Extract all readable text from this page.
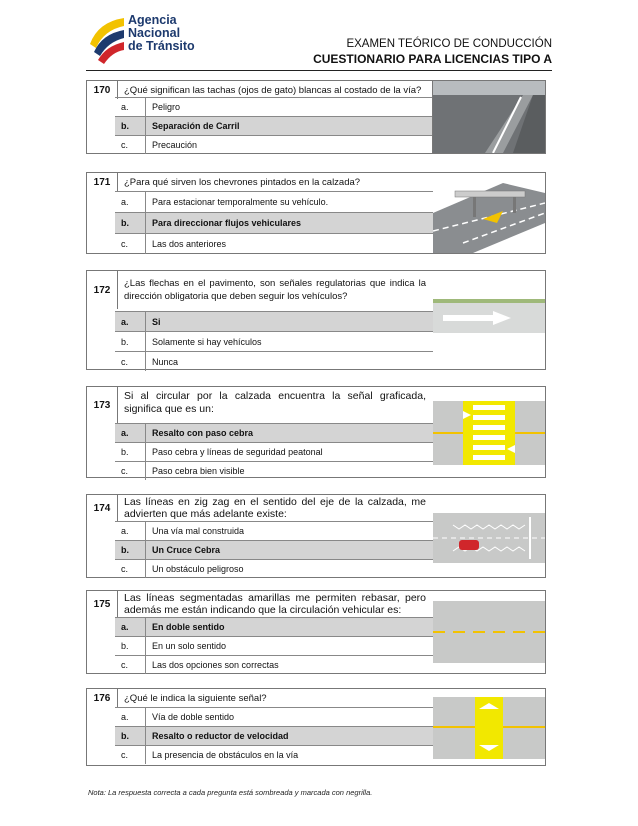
Agencia
Nacional
de Tránsito	EXAMEN TEÓRICO DE CONDUCCIÓN
CUESTIONARIO PARA LICENCIAS TIPO A
170	¿Qué significan las tachas (ojos de gato) blancas al costado de la vía?
a.	Peligro
b.	Separación de Carril
c.	Precaución
171	¿Para qué sirven los chevrones pintados en la calzada?
a.	Para estacionar temporalmente su vehículo.
b.	Para direccionar flujos vehiculares
c.	Las dos anteriores
172
¿Las flechas en el pavimento, son señales regulatorias que indica la dirección obligatoria que deben seguir los vehículos?
a.	Si
b.	Solamente si hay vehículos
c.	Nunca
173
Si al circular por la calzada encuentra la señal graficada, significa que es un:
a.	Resalto con paso cebra
b.	Paso cebra y líneas de seguridad peatonal
c.	Paso cebra bien visible
174	Las líneas en zig zag en el sentido del eje de la calzada, me advierten que más adelante existe:
a.	Una vía mal construida
b.	Un Cruce Cebra
c.	Un obstáculo peligroso
175	Las líneas segmentadas amarillas me permiten rebasar, pero además me están indicando que la circulación vehicular es:
a.	En doble sentido
b.	En un solo sentido
c.	Las dos opciones son correctas
176	¿Qué le indica la siguiente señal?
a.	Vía de doble sentido
b.	Resalto o reductor de velocidad
c.	La presencia de obstáculos en la vía
Nota: La respuesta correcta a cada pregunta está sombreada y marcada con negrilla.
